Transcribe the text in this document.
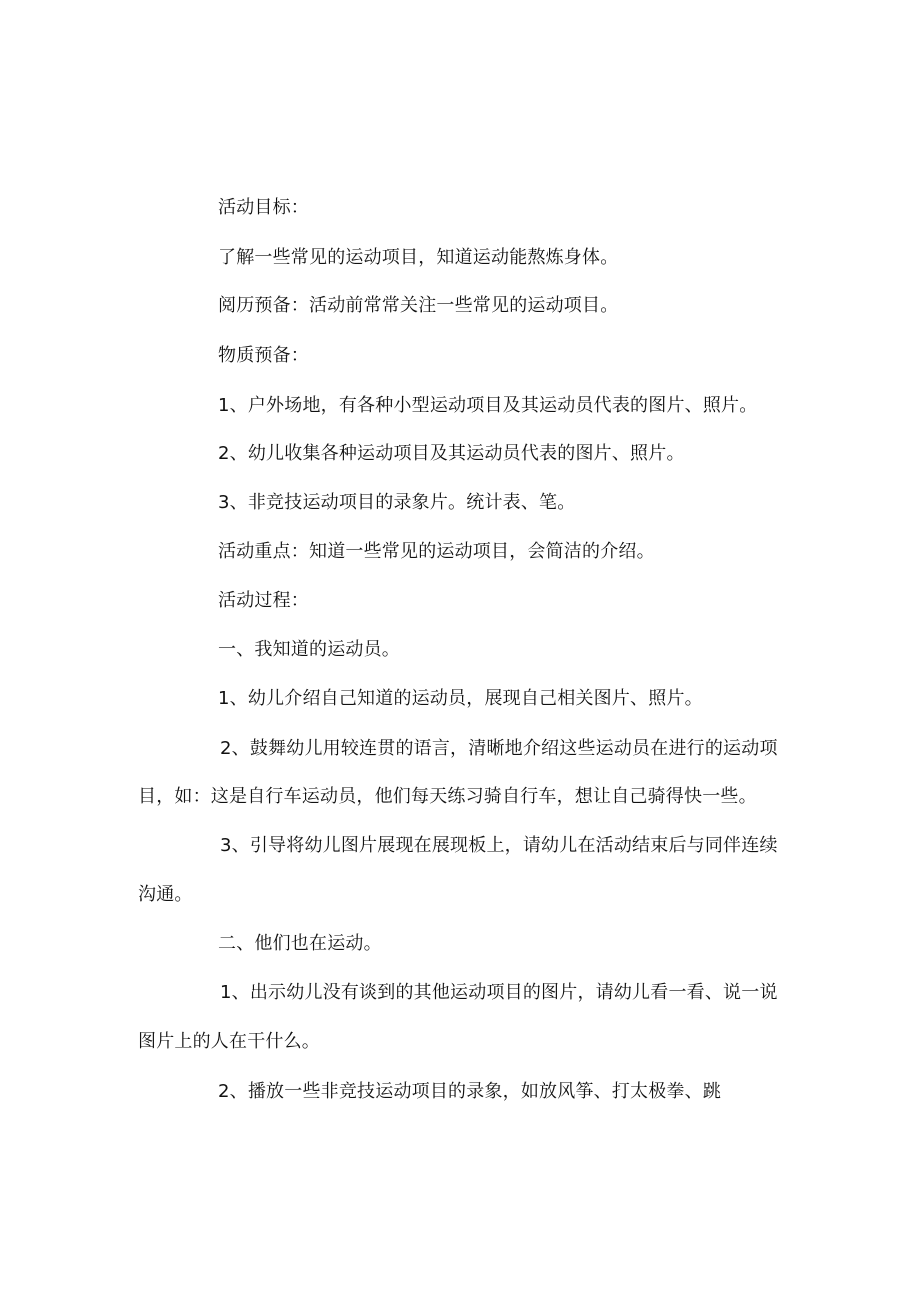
活动目标：

了解一些常见的运动项目，知道运动能熬炼身体。

阅历预备：活动前常常关注一些常见的运动项目。

物质预备：

1、户外场地，有各种小型运动项目及其运动员代表的图片、照片。

2、幼儿收集各种运动项目及其运动员代表的图片、照片。

3、非竞技运动项目的录象片。统计表、笔。

活动重点：知道一些常见的运动项目，会简洁的介绍。

活动过程：

一、我知道的运动员。

1、幼儿介绍自己知道的运动员，展现自己相关图片、照片。

2、鼓舞幼儿用较连贯的语言，清晰地介绍这些运动员在进行的运动项

目，如：这是自行车运动员，他们每天练习骑自行车，想让自己骑得快一些。

3、引导将幼儿图片展现在展现板上，请幼儿在活动结束后与同伴连续

沟通。

二、他们也在运动。

1、出示幼儿没有谈到的其他运动项目的图片，请幼儿看一看、说一说

图片上的人在干什么。

2、播放一些非竞技运动项目的录象，如放风筝、打太极拳、跳
